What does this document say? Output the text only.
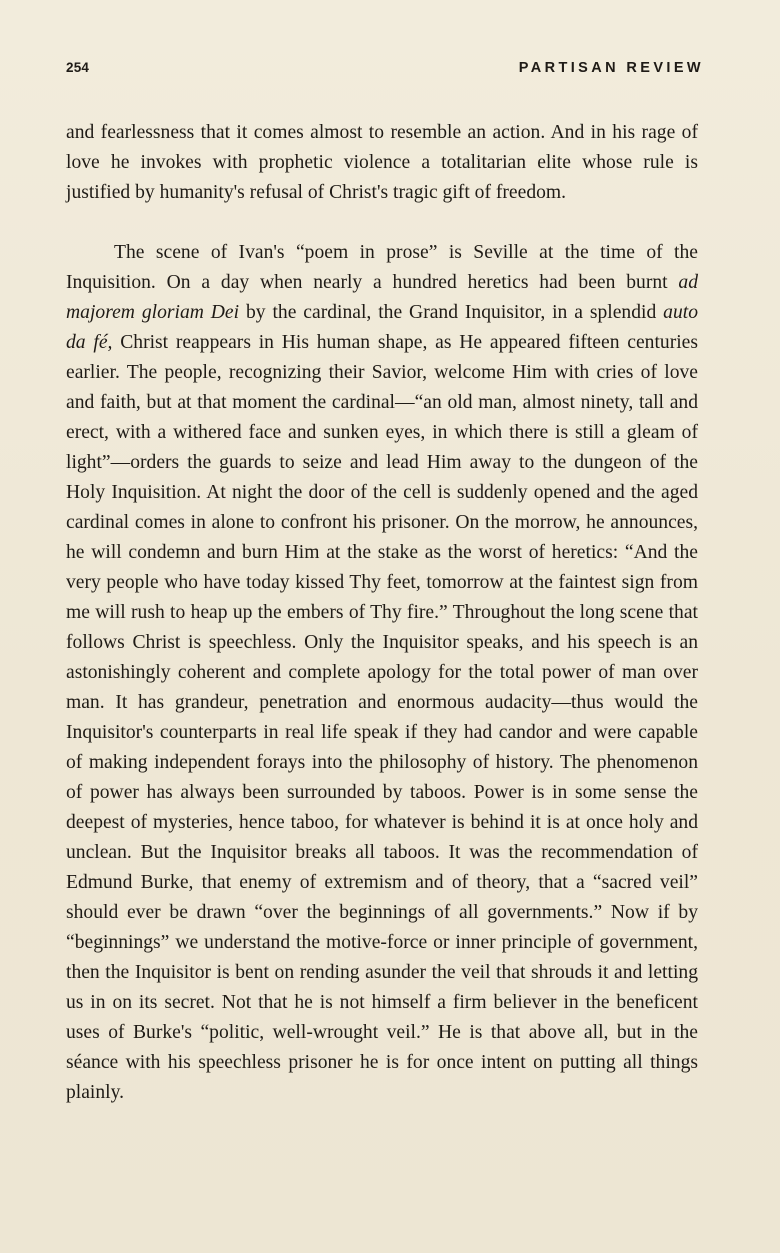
254	PARTISAN REVIEW

and fearlessness that it comes almost to resemble an action. And in his rage of love he invokes with prophetic violence a totalitarian elite whose rule is justified by humanity's refusal of Christ's tragic gift of freedom.

The scene of Ivan's “poem in prose” is Seville at the time of the Inquisition. On a day when nearly a hundred heretics had been burnt ad majorem gloriam Dei by the cardinal, the Grand Inquisitor, in a splendid auto da fé, Christ reappears in His human shape, as He appeared fifteen centuries earlier. The people, recognizing their Savior, welcome Him with cries of love and faith, but at that moment the cardinal—“an old man, almost ninety, tall and erect, with a withered face and sunken eyes, in which there is still a gleam of light”—orders the guards to seize and lead Him away to the dungeon of the Holy Inquisition. At night the door of the cell is suddenly opened and the aged cardinal comes in alone to confront his prisoner. On the morrow, he announces, he will condemn and burn Him at the stake as the worst of heretics: “And the very people who have today kissed Thy feet, tomorrow at the faintest sign from me will rush to heap up the embers of Thy fire.” Throughout the long scene that follows Christ is speechless. Only the Inquisitor speaks, and his speech is an astonishingly coherent and complete apology for the total power of man over man. It has grandeur, penetration and enormous audacity—thus would the Inquisitor's counterparts in real life speak if they had candor and were capable of making independent forays into the philosophy of history. The phenomenon of power has always been surrounded by taboos. Power is in some sense the deepest of mysteries, hence taboo, for whatever is behind it is at once holy and unclean. But the Inquisitor breaks all taboos. It was the recommendation of Edmund Burke, that enemy of extremism and of theory, that a “sacred veil” should ever be drawn “over the beginnings of all governments.” Now if by “beginnings” we understand the motive-force or inner principle of government, then the Inquisitor is bent on rending asunder the veil that shrouds it and letting us in on its secret. Not that he is not himself a firm believer in the beneficent uses of Burke's “politic, well-wrought veil.” He is that above all, but in the séance with his speechless prisoner he is for once intent on putting all things plainly.
